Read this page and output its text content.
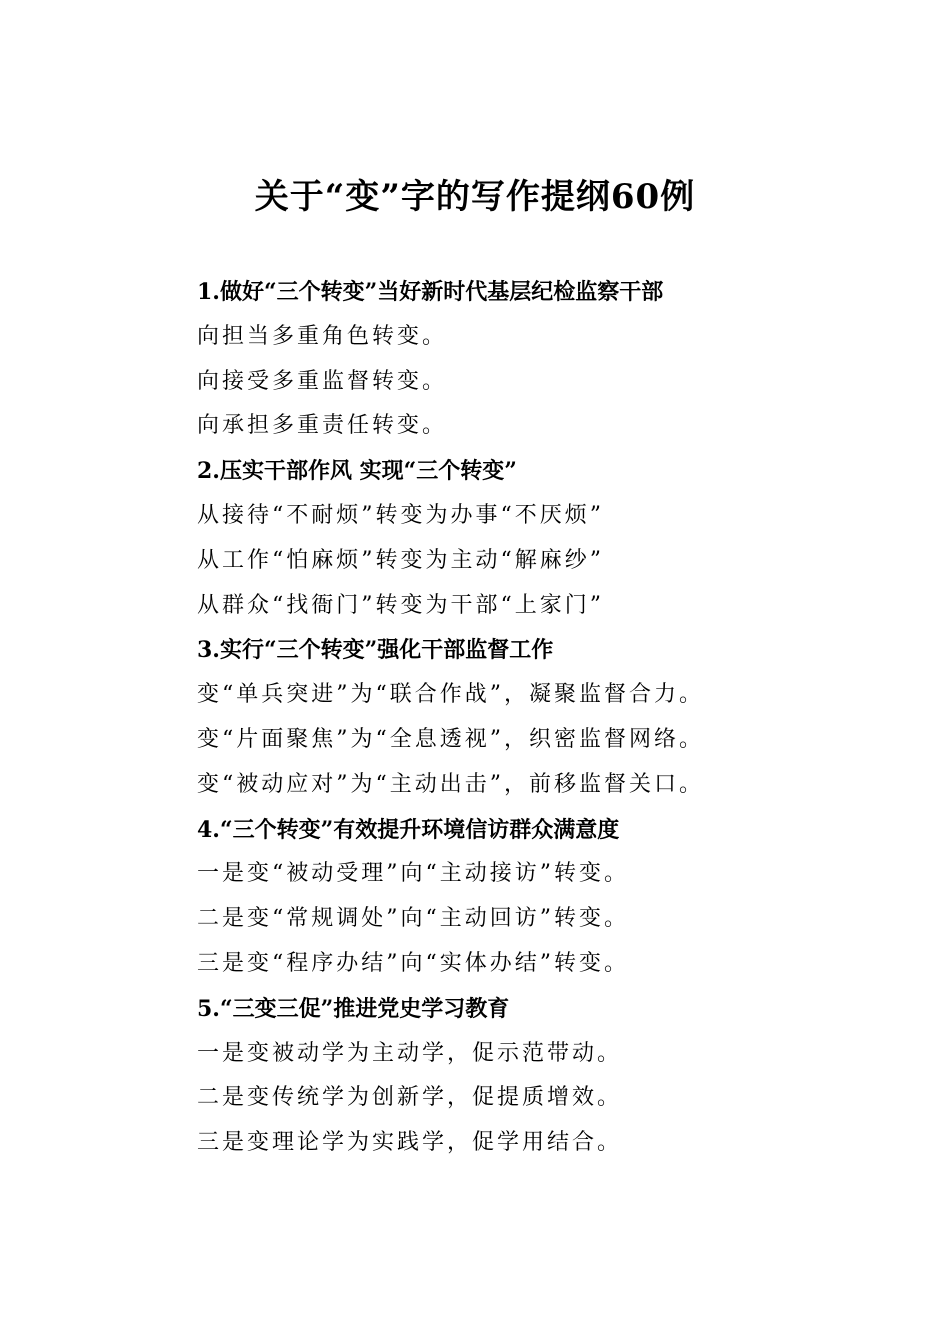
关于“变”字的写作提纲60例

1.做好“三个转变”当好新时代基层纪检监察干部

向担当多重角色转变。

向接受多重监督转变。

向承担多重责任转变。

2.压实干部作风 实现“三个转变”

从接待“不耐烦”转变为办事“不厌烦”

从工作“怕麻烦”转变为主动“解麻纱”

从群众“找衙门”转变为干部“上家门”

3.实行“三个转变”强化干部监督工作

变“单兵突进”为“联合作战”，凝聚监督合力。

变“片面聚焦”为“全息透视”，织密监督网络。

变“被动应对”为“主动出击”，前移监督关口。

4.“三个转变”有效提升环境信访群众满意度

一是变“被动受理”向“主动接访”转变。

二是变“常规调处”向“主动回访”转变。

三是变“程序办结”向“实体办结”转变。

5.“三变三促”推进党史学习教育

一是变被动学为主动学，促示范带动。

二是变传统学为创新学，促提质增效。

三是变理论学为实践学，促学用结合。
